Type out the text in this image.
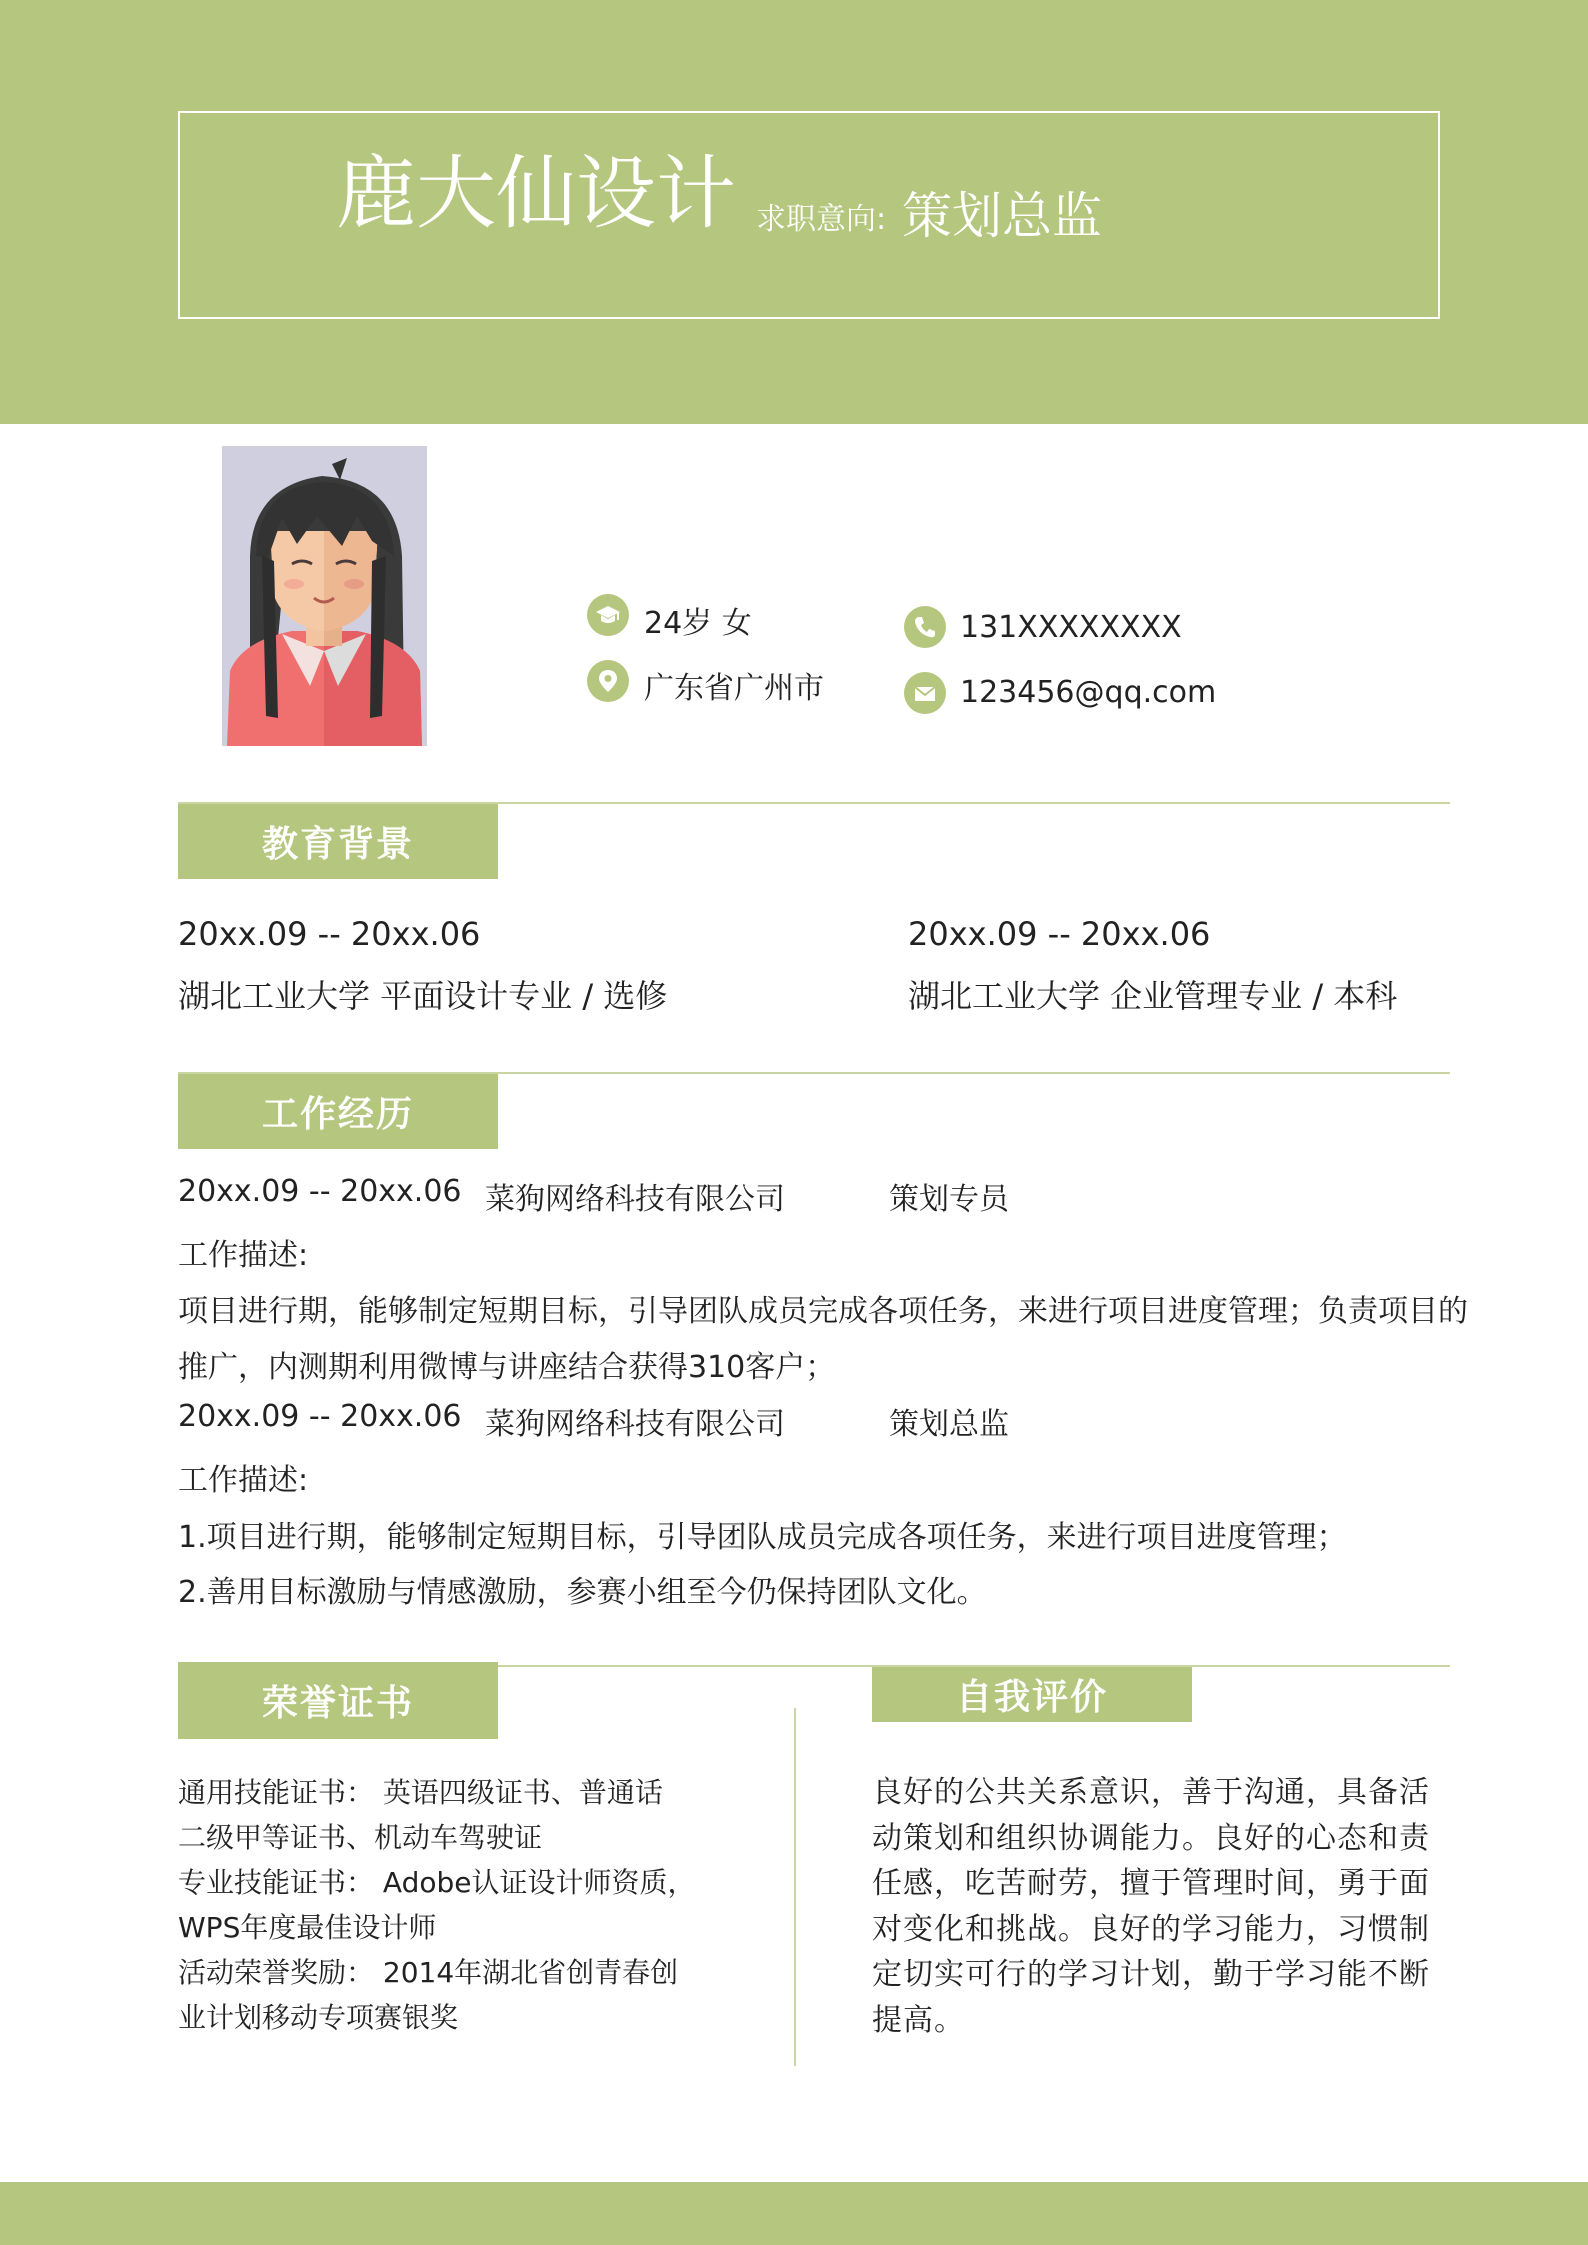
鹿大仙设计 求职意向: 策划总监
24岁 女
广东省广州市
131XXXXXXXX
123456@qq.com
教育背景
20xx.09 -- 20xx.06
湖北工业大学 平面设计专业 / 选修
20xx.09 -- 20xx.06
湖北工业大学 企业管理专业 / 本科
工作经历
20xx.09 -- 20xx.06 菜狗网络科技有限公司	策划专员
工作描述:
项目进行期，能够制定短期目标，引导团队成员完成各项任务，来进行项目进度管理；负责项目的
推广，内测期利用微博与讲座结合获得310客户；
20xx.09 -- 20xx.06 菜狗网络科技有限公司	策划总监
工作描述:
1.项目进行期，能够制定短期目标，引导团队成员完成各项任务，来进行项目进度管理；
2.善用目标激励与情感激励，参赛小组至今仍保持团队文化。
荣誉证书	自我评价
通用技能证书： 英语四级证书、普通话
二级甲等证书、机动车驾驶证
专业技能证书： Adobe认证设计师资质，
WPS年度最佳设计师
活动荣誉奖励： 2014年湖北省创青春创
业计划移动专项赛银奖
良好的公共关系意识，善于沟通，具备活
动策划和组织协调能力。良好的心态和责
任感，吃苦耐劳，擅于管理时间，勇于面
对变化和挑战。良好的学习能力，习惯制
定切实可行的学习计划，勤于学习能不断
提高。
